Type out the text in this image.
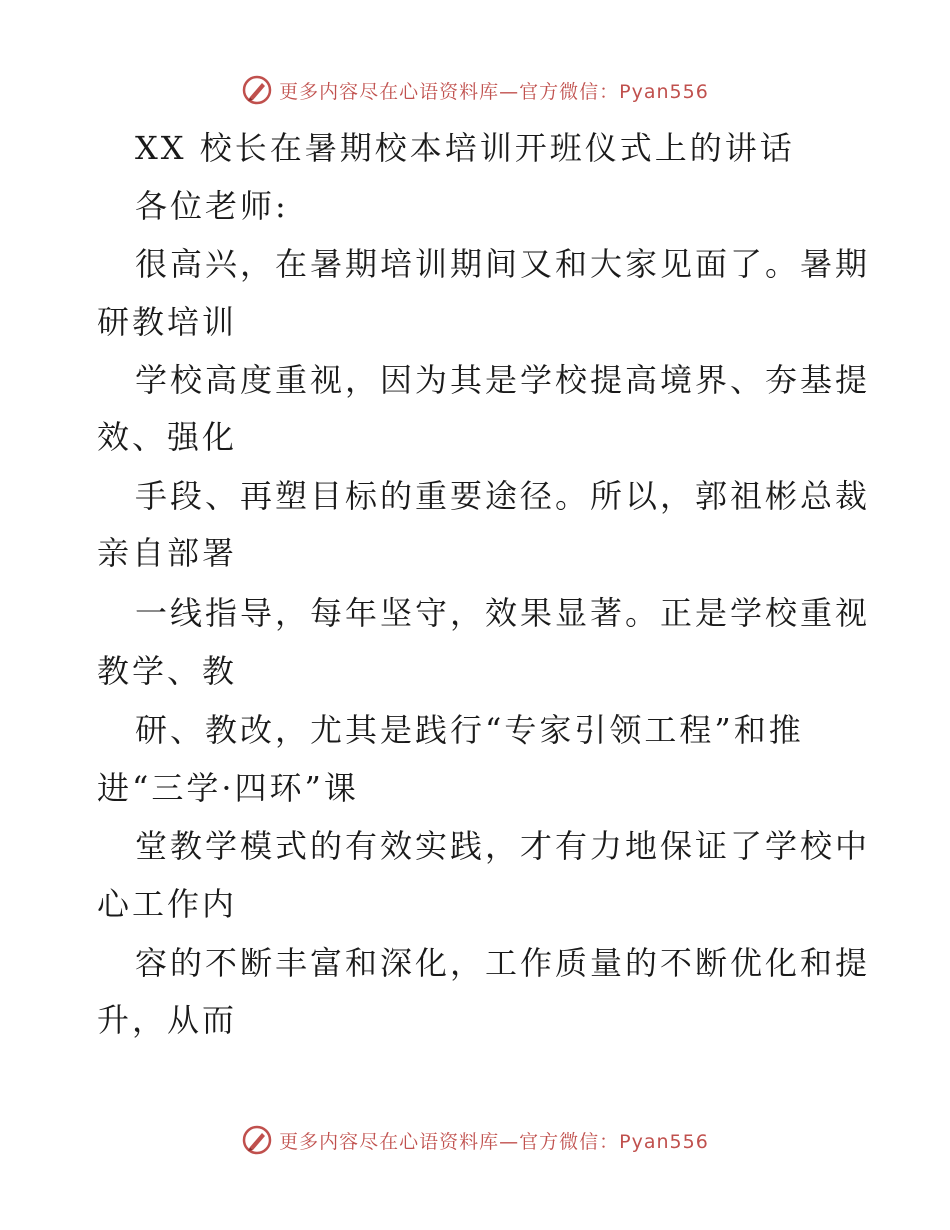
更多内容尽在心语资料库—官方微信：Pyan556
XX 校长在暑期校本培训开班仪式上的讲话
各位老师:
很高兴，在暑期培训期间又和大家见面了。暑期
研教培训
学校高度重视，因为其是学校提高境界、夯基提
效、强化
手段、再塑目标的重要途径。所以，郭祖彬总裁
亲自部署
一线指导，每年坚守，效果显著。正是学校重视
教学、教
研、教改，尤其是践行“专家引领工程”和推
进“三学·四环”课
堂教学模式的有效实践，才有力地保证了学校中
心工作内
容的不断丰富和深化，工作质量的不断优化和提
升，从而
更多内容尽在心语资料库—官方微信：Pyan556
